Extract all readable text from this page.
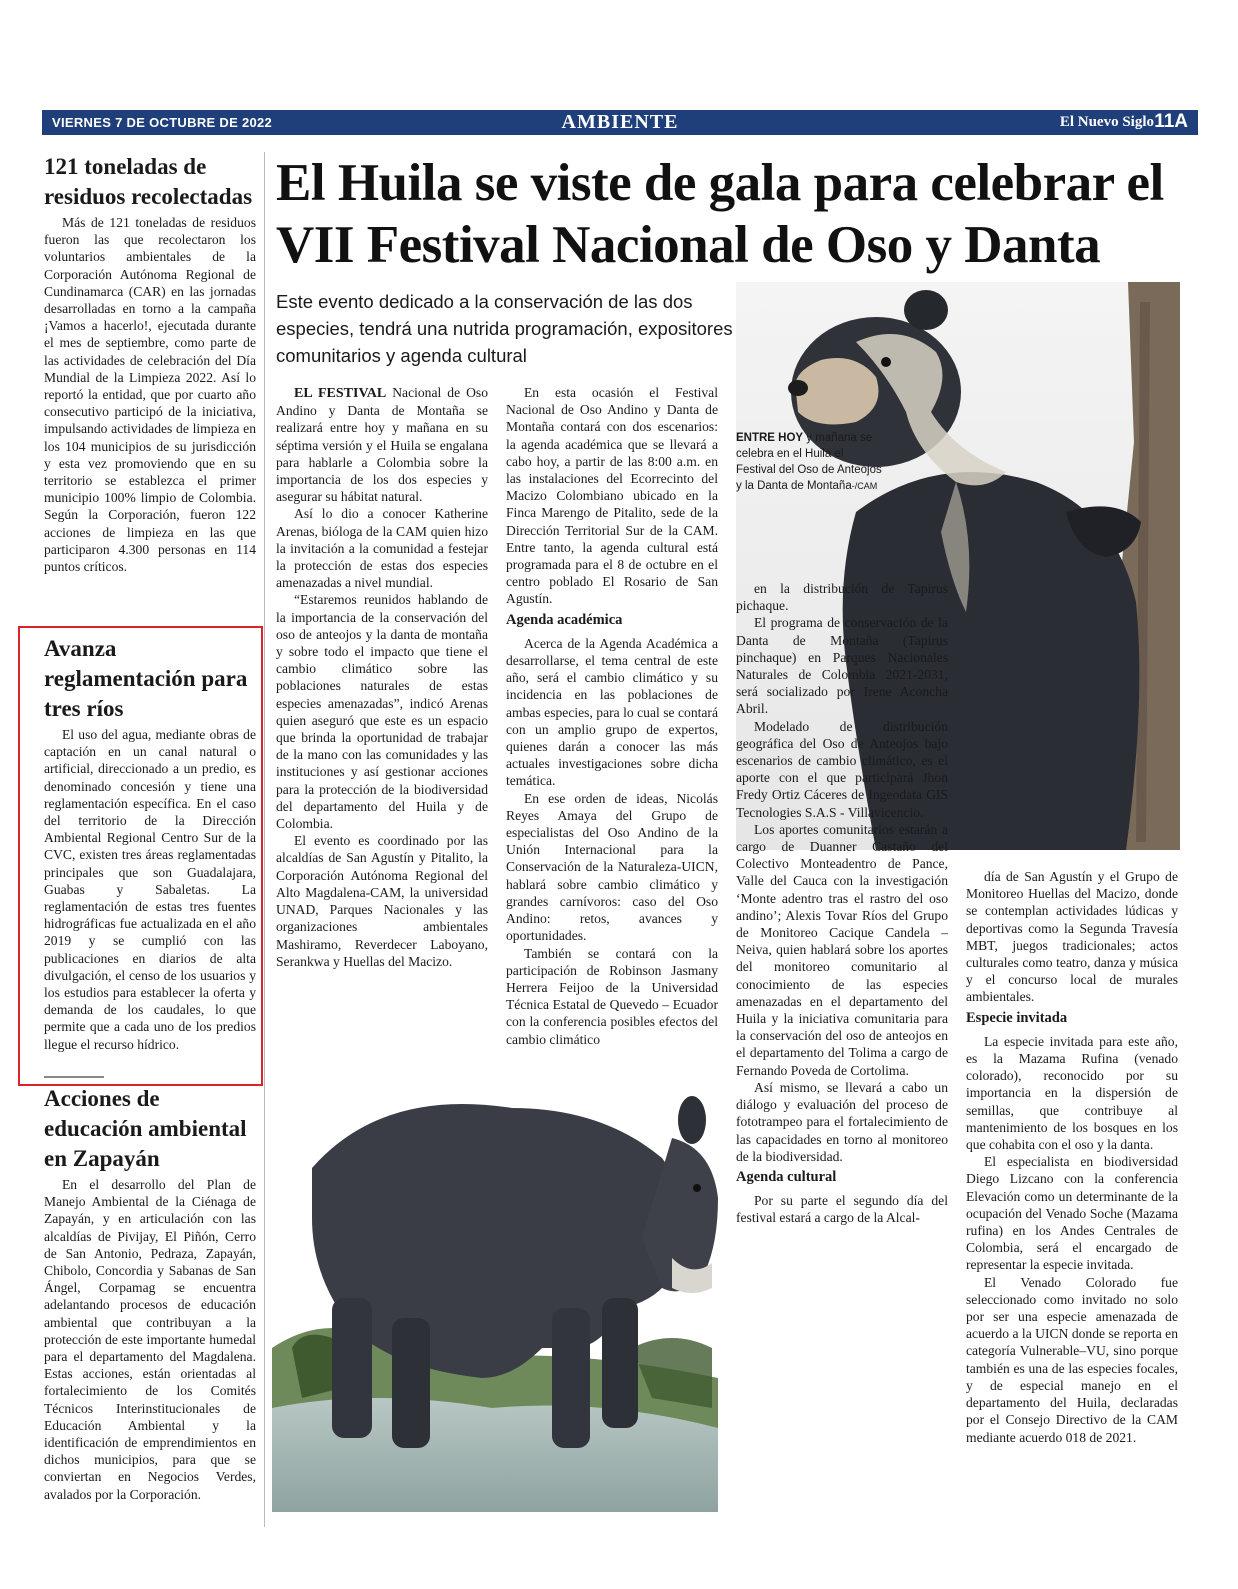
VIERNES 7 DE OCTUBRE DE 2022	AMBIENTE	El Nuevo Siglo 11A
121 toneladas de residuos recolectadas

Más de 121 toneladas de residuos fueron las que recolectaron los voluntarios ambientales de la Corporación Autónoma Regional de Cundinamarca (CAR) en las jornadas desarrolladas en torno a la campaña ¡Vamos a hacerlo!, ejecutada durante el mes de septiembre, como parte de las actividades de celebración del Día Mundial de la Limpieza 2022. Así lo reportó la entidad, que por cuarto año consecutivo participó de la iniciativa, impulsando actividades de limpieza en los 104 municipios de su jurisdicción y esta vez promoviendo que en su territorio se establezca el primer municipio 100% limpio de Colombia. Según la Corporación, fueron 122 acciones de limpieza en las que participaron 4.300 personas en 114 puntos críticos.

Avanza reglamentación para tres ríos

El uso del agua, mediante obras de captación en un canal natural o artificial, direccionado a un predio, es denominado concesión y tiene una reglamentación específica. En el caso del territorio de la Dirección Ambiental Regional Centro Sur de la CVC, existen tres áreas reglamentadas principales que son Guadalajara, Guabas y Sabaletas. La reglamentación de estas tres fuentes hidrográficas fue actualizada en el año 2019 y se cumplió con las publicaciones en diarios de alta divulgación, el censo de los usuarios y los estudios para establecer la oferta y demanda de los caudales, lo que permite que a cada uno de los predios llegue el recurso hídrico.

Acciones de educación ambiental en Zapayán

En el desarrollo del Plan de Manejo Ambiental de la Ciénaga de Zapayán, y en articulación con las alcaldías de Pivijay, El Piñón, Cerro de San Antonio, Pedraza, Zapayán, Chibolo, Concordia y Sabanas de San Ángel, Corpamag se encuentra adelantando procesos de educación ambiental que contribuyan a la protección de este importante humedal para el departamento del Magdalena. Estas acciones, están orientadas al fortalecimiento de los Comités Técnicos Interinstitucionales de Educación Ambiental y la identificación de emprendimientos en dichos municipios, para que se conviertan en Negocios Verdes, avalados por la Corporación.

El Huila se viste de gala para celebrar el VII Festival Nacional de Oso y Danta
Este evento dedicado a la conservación de las dos especies, tendrá una nutrida programación, expositores comunitarios y agenda cultural
ENTRE HOY y mañana se celebra en el Huila el Festival del Oso de Anteojos y la Danta de Montaña-/CAM

EL FESTIVAL Nacional de Oso Andino y Danta de Montaña se realizará entre hoy y mañana en su séptima versión y el Huila se engalana para hablarle a Colombia sobre la importancia de los dos especies y asegurar su hábitat natural.

Así lo dio a conocer Katherine Arenas, bióloga de la CAM quien hizo la invitación a la comunidad a festejar la protección de estas dos especies amenazadas a nivel mundial.

“Estaremos reunidos hablando de la importancia de la conservación del oso de anteojos y la danta de montaña y sobre todo el impacto que tiene el cambio climático sobre las poblaciones naturales de estas especies amenazadas”, indicó Arenas quien aseguró que este es un espacio que brinda la oportunidad de trabajar de la mano con las comunidades y las instituciones y así gestionar acciones para la protección de la biodiversidad del departamento del Huila y de Colombia.

El evento es coordinado por las alcaldías de San Agustín y Pitalito, la Corporación Autónoma Regional del Alto Magdalena-CAM, la universidad UNAD, Parques Nacionales y las organizaciones ambientales Mashiramo, Reverdecer Laboyano, Serankwa y Huellas del Macizo.

En esta ocasión el Festival Nacional de Oso Andino y Danta de Montaña contará con dos escenarios: la agenda académica que se llevará a cabo hoy, a partir de las 8:00 a.m. en las instalaciones del Ecorrecinto del Macizo Colombiano ubicado en la Finca Marengo de Pitalito, sede de la Dirección Territorial Sur de la CAM. Entre tanto, la agenda cultural está programada para el 8 de octubre en el centro poblado El Rosario de San Agustín.

Agenda académica

Acerca de la Agenda Académica a desarrollarse, el tema central de este año, será el cambio climático y su incidencia en las poblaciones de ambas especies, para lo cual se contará con un amplio grupo de expertos, quienes darán a conocer las más actuales investigaciones sobre dicha temática.

En ese orden de ideas, Nicolás Reyes Amaya del Grupo de especialistas del Oso Andino de la Unión Internacional para la Conservación de la Naturaleza-UICN, hablará sobre cambio climático y grandes carnívoros: caso del Oso Andino: retos, avances y oportunidades.

También se contará con la participación de Robinson Jasmany Herrera Feijoo de la Universidad Técnica Estatal de Quevedo – Ecuador con la conferencia posibles efectos del cambio climático

en la distribución de Tapirus pichaque.

El programa de conservación de la Danta de Montaña (Tapirus pinchaque) en Parques Nacionales Naturales de Colombia 2021-2031, será socializado por Irene Aconcha Abril.

Modelado de distribución geográfica del Oso de Anteojos bajo escenarios de cambio climático, es el aporte con el que participará Jhon Fredy Ortiz Cáceres de Ingeodata GIS Tecnologies S.A.S - Villavicencio.

Los aportes comunitarios estarán a cargo de Duanner Castaño del Colectivo Monteadentro de Pance, Valle del Cauca con la investigación ‘Monte adentro tras el rastro del oso andino’; Alexis Tovar Ríos del Grupo de Monitoreo Cacique Candela – Neiva, quien hablará sobre los aportes del monitoreo comunitario al conocimiento de las especies amenazadas en el departamento del Huila y la iniciativa comunitaria para la conservación del oso de anteojos en el departamento del Tolima a cargo de Fernando Poveda de Cortolima.

Así mismo, se llevará a cabo un diálogo y evaluación del proceso de fototrampeo para el fortalecimiento de las capacidades en torno al monitoreo de la biodiversidad.

Agenda cultural

Por su parte el segundo día del festival estará a cargo de la Alcal-

día de San Agustín y el Grupo de Monitoreo Huellas del Macizo, donde se contemplan actividades lúdicas y deportivas como la Segunda Travesía MBT, juegos tradicionales; actos culturales como teatro, danza y música y el concurso local de murales ambientales.

Especie invitada

La especie invitada para este año, es la Mazama Rufina (venado colorado), reconocido por su importancia en la dispersión de semillas, que contribuye al mantenimiento de los bosques en los que cohabita con el oso y la danta.

El especialista en biodiversidad Diego Lizcano con la conferencia Elevación como un determinante de la ocupación del Venado Soche (Mazama rufina) en los Andes Centrales de Colombia, será el encargado de representar la especie invitada.

El Venado Colorado fue seleccionado como invitado no solo por ser una especie amenazada de acuerdo a la UICN donde se reporta en categoría Vulnerable–VU, sino porque también es una de las especies focales, y de especial manejo en el departamento del Huila, declaradas por el Consejo Directivo de la CAM mediante acuerdo 018 de 2021.
